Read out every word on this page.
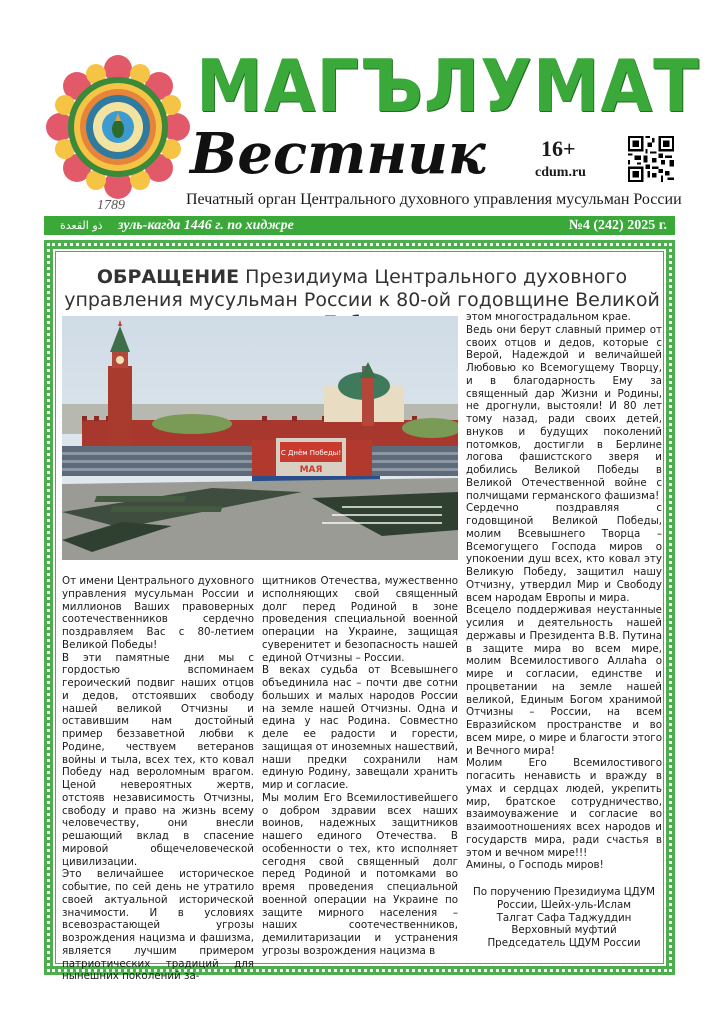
МАГЪЛУМАТ
Вестник	16+
cdum.ru
Печатный орган Центрального духовного управления мусульман России
1789
ذو القعدة зуль-кагда 1446 г. по хиджре	№4 (242) 2025 г.
ОБРАЩЕНИЕ Президиума Центрального духовного управления мусульман России к 80-ой годовщине Великой
С Днём Победы!
МАЯ

От имени Центрального духовного управления мусульман России и миллионов Ваших правоверных соотечественников сердечно поздравляем Вас с 80-летием Великой Победы!

В эти памятные дни мы с гордостью вспоминаем героический подвиг наших отцов и дедов, отстоявших свободу нашей великой Отчизны и оставившим нам достойный пример беззаветной любви к Родине, чествуем ветеранов войны и тыла, всех тех, кто ковал Победу над вероломным врагом. Ценой невероятных жертв, отстояв независимость Отчизны, свободу и право на жизнь всему человечеству, они внесли решающий вклад в спасение мировой общечеловеческой цивилизации.

Это величайшее историческое событие, по сей день не утратило своей актуальной исторической значимости. И в условиях всевозрастающей угрозы возрождения нацизма и фашизма, является лучшим примером патриотических традиций для нынешних поколений за-

щитников Отечества, мужественно исполняющих свой священный долг перед Родиной в зоне проведения специальной военной операции на Украине, защищая суверенитет и безопасность нашей единой Отчизны – России.

В веках судьба от Всевышнего объединила нас – почти две сотни больших и малых народов России на земле нашей Отчизны. Одна и едина у нас Родина. Совместно деле ее радости и горести, защищая от иноземных нашествий, наши предки сохранили нам единую Родину, завещали хранить мир и согласие.

Мы молим Его Всемилостивейшего о добром здравии всех наших воинов, надежных защитников нашего единого Отечества. В особенности о тех, кто исполняет сегодня свой священный долг перед Родиной и потомками во время проведения специальной военной операции на Украине по защите мирного населения – наших соотечественников, демилитаризации и устранения угрозы возрождения нацизма в

этом многострадальном крае.

Ведь они берут славный пример от своих отцов и дедов, которые с Верой, Надеждой и величайшей Любовью ко Всемогущему Творцу, и в благодарность Ему за священный дар Жизни и Родины, не дрогнули, выстояли! И 80 лет тому назад, ради своих детей, внуков и будущих поколений потомков, достигли в Берлине логова фашистского зверя и добились Великой Победы в Великой Отечественной войне с полчищами германского фашизма!

Сердечно поздравляя с годовщиной Великой Победы, молим Всевышнего Творца – Всемогущего Господа миров о упокоении душ всех, кто ковал эту Великую Победу, защитил нашу Отчизну, утвердил Мир и Свободу всем народам Европы и мира.

Всецело поддерживая неустанные усилия и деятельность нашей державы и Президента В.В. Путина в защите мира во всем мире, молим Всемилостивого Аллаhа о мире и согласии, единстве и процветании на земле нашей великой, Единым Богом хранимой Отчизны – России, на всем Евразийском пространстве и во всем мире, о мире и благости этого и Вечного мира!

Молим Его Всемилостивого погасить ненависть и вражду в умах и сердцах людей, укрепить мир, братское сотрудничество, взаимоуважение и согласие во взаимоотношениях всех народов и государств мира, ради счастья в этом и вечном мире!!!

Амины, о Господь миров!

По поручению Президиума ЦДУМ
России, Шейх-уль-Ислам
Талгат Сафа Таджуддин
Верховный муфтий
Председатель ЦДУМ России
